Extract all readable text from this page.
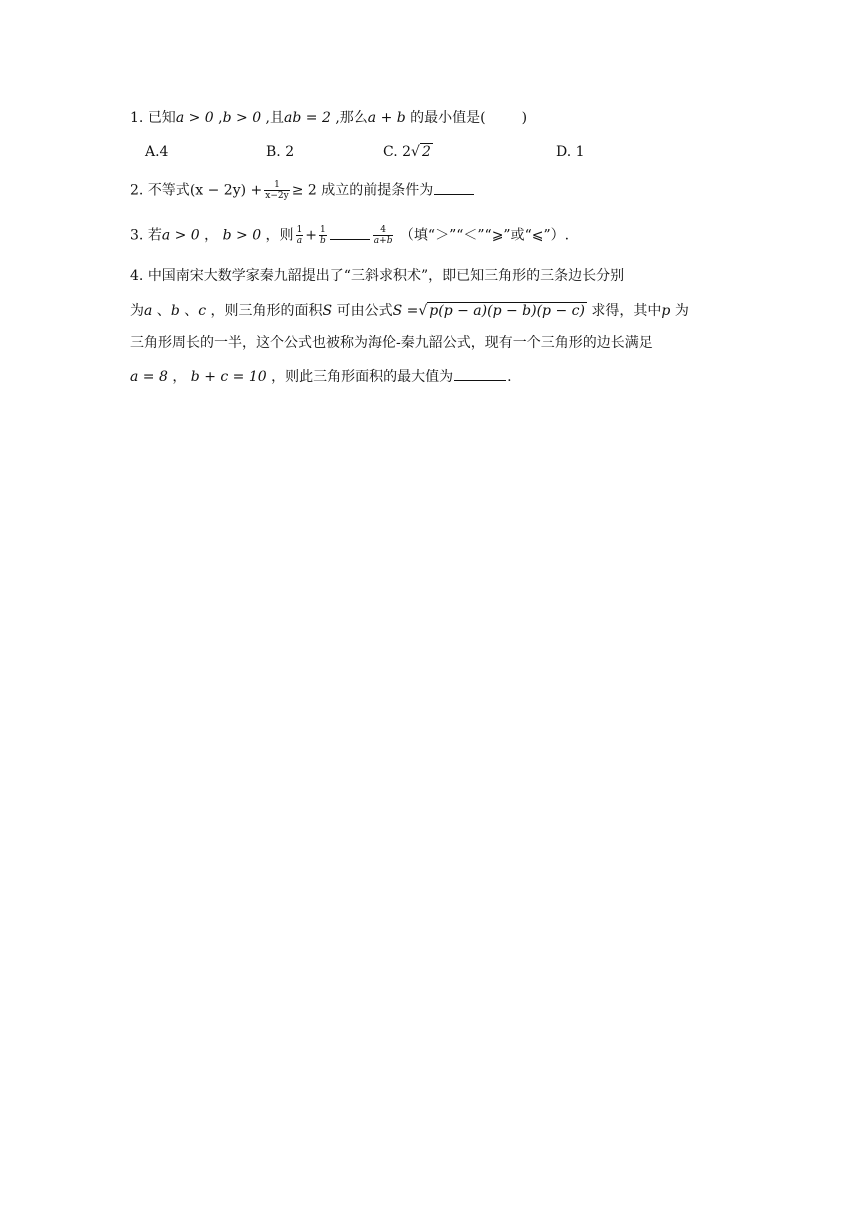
1. 已知a > 0 ,b > 0 ,且ab = 2 ,那么a + b 的最小值是(	)
A.4	B. 2	C. 2√ 2	D. 1
2. 不等式$(x - 2y) + \frac{1}{x-2y} \ge 2$ 成立的前提条件为
3. 若a > 0 ， b > 0 ，则 $\frac{1}{a} + \frac{1}{b}$	$\frac{4}{a+b}$ （填“＞”“＜”“⩾”或“⩽”）.
4. 中国南宋大数学家秦九韶提出了“三斜求积术”，即已知三角形的三条边长分别
为a 、b 、c ，则三角形的面积S 可由公式S =√ p(p − a)(p − b)(p − c) 求得，其中p 为
三角形周长的一半，这个公式也被称为海伦-秦九韶公式，现有一个三角形的边长满足
a = 8 ， b + c = 10 ，则此三角形面积的最大值为	.
